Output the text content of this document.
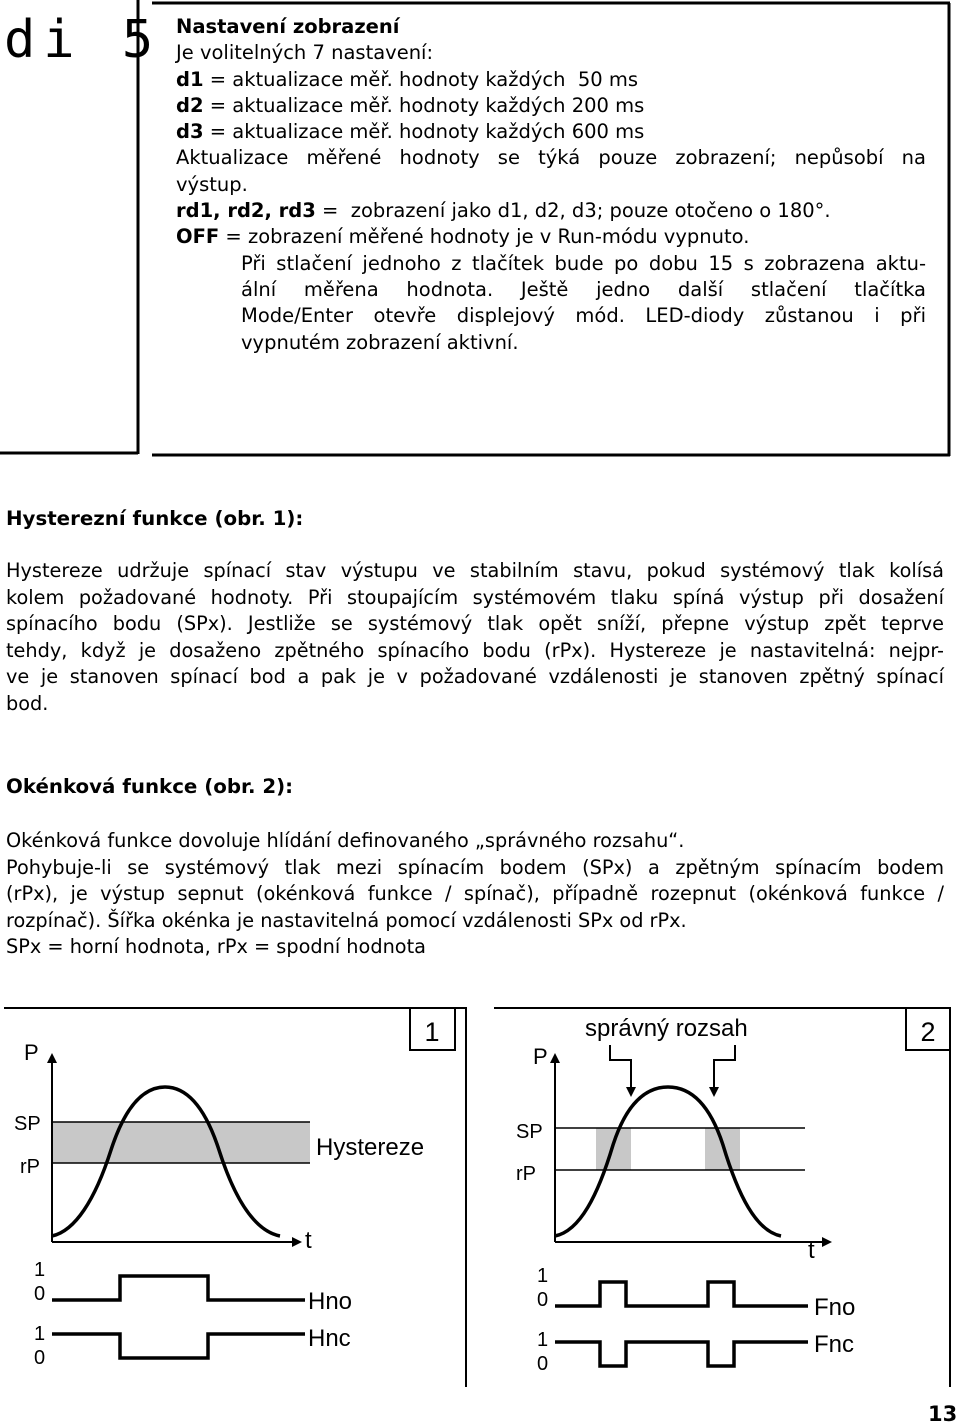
di 5 Nastavení zobrazení
Je volitelných 7 nastavení:
d1 = aktualizace měř. hodnoty každých  50 ms
d2 = aktualizace měř. hodnoty každých 200 ms
d3 = aktualizace měř. hodnoty každých 600 ms
Aktualizace měřené hodnoty se týká pouze zobrazení; nepůsobí na
výstup.
rd1, rd2, rd3 =  zobrazení jako d1, d2, d3; pouze otočeno o 180°.
OFF = zobrazení měřené hodnoty je v Run-módu vypnuto.
Při stlačení jednoho z tlačítek bude po dobu 15 s zobrazena aktu-
ální měřena hodnota. Ještě jedno další stlačení tlačítka
Mode/Enter otevře displejový mód. LED-diody zůstanou i při
vypnutém zobrazení aktivní.
Hysterezní funkce (obr. 1):
Hystereze udržuje spínací stav výstupu ve stabilním stavu, pokud systémový tlak kolísá
kolem požadované hodnoty. Při stoupajícím systémovém tlaku spíná výstup při dosažení
spínacího bodu (SPx). Jestliže se systémový tlak opět sníží, přepne výstup zpět teprve
tehdy, když je dosaženo zpětného spínacího bodu (rPx). Hystereze je nastavitelná: nejpr-
ve je stanoven spínací bod a pak je v požadované vzdálenosti je stanoven zpětný spínací
bod.
Okénková funkce (obr. 2):
Okénková funkce dovoluje hlídání definovaného „správného rozsahu“.
Pohybuje-li se systémový tlak mezi spínacím bodem (SPx) a zpětným spínacím bodem
(rPx), je výstup sepnut (okénková funkce / spínač), případně rozepnut (okénková funkce /
rozpínač). Šířka okénka je nastavitelná pomocí vzdálenosti SPx od rPx.
SPx = horní hodnota, rPx = spodní hodnota
1
P
SP
rP
Hystereze
t
1
0
1
0
Hno
Hnc
2
správný rozsah
P
SP
rP
t
1
0
1
0
Fno
Fnc
13
